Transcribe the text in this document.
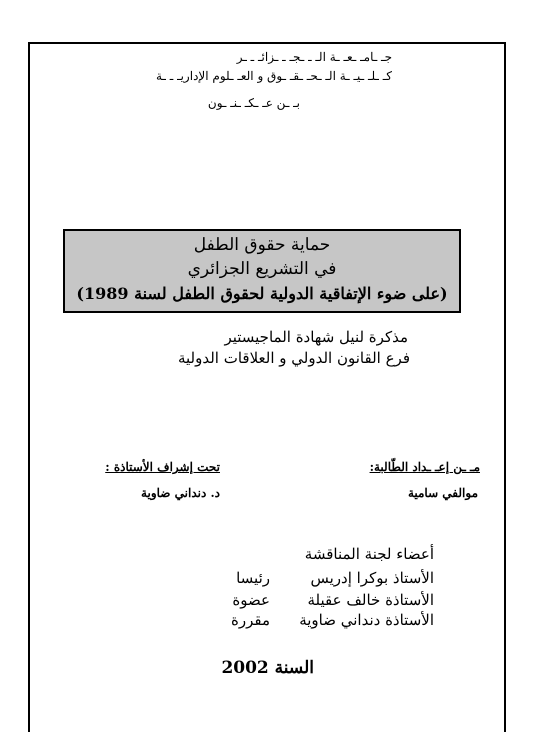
جـ ـامـ ـعـ ـة الـ ـ ـجـ ـ ـزائـ ـ ـر
كـ ـلـ ـيـ ـة الـ ـحـ ـقـ ـوق و العـ ـلوم الإداريـ ـ ـة
بـ ـن عـ ـكـ ـنـ ـون
حماية حقوق الطفل
في التشريع الجزائري
(على ضوء الإتفاقية الدولية لحقوق الطفل لسنة 1989)
مذكرة لنيل شهادة الماجيستير
فرع القانون الدولي و العلاقات الدولية
مـ ـن إعـ ـداد الطّالبة:
تحت إشراف الأستاذة :
موالفي سامية
د. دنداني ضاوية
أعضاء لجنة المناقشة
الأستاذ بوكرا إدريس
رئيسا
الأستاذة خالف عقيلة
عضوة
الأستاذة دنداني ضاوية
مقررة
السنة 2002
